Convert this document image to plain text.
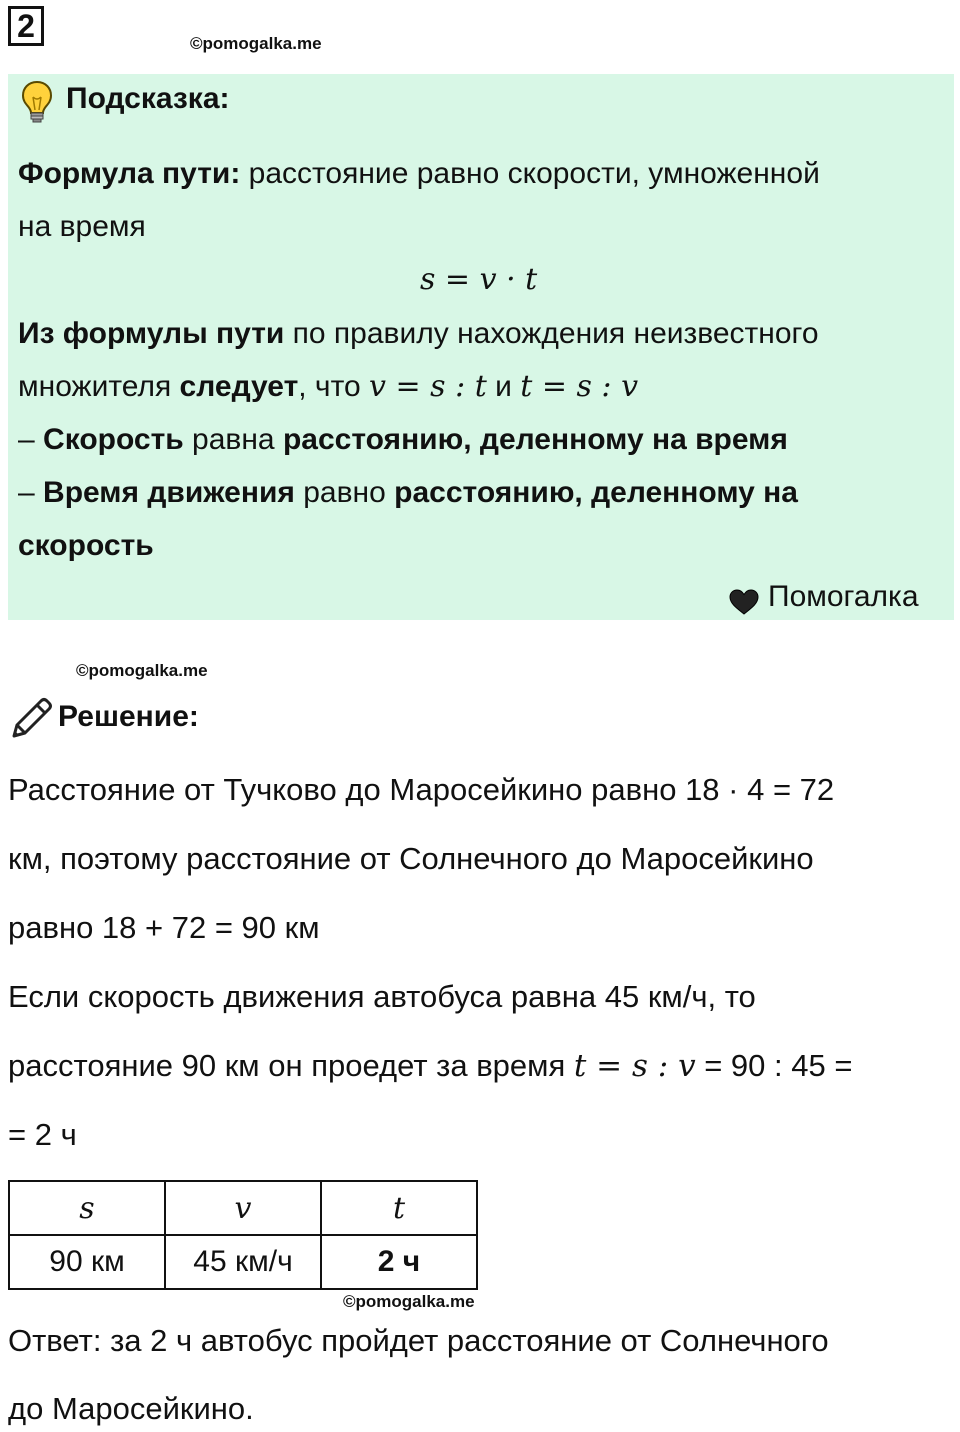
2	©pomogalka.me
Подсказка:
Формула пути: расстояние равно скорости, умноженной
на время
s = v · t
Из формулы пути по правилу нахождения неизвестного
множителя следует, что v = s : t и t = s : v
– Скорость равна расстоянию, деленному на время
– Время движения равно расстоянию, деленному на
скорость
Помогалка
©pomogalka.me
Решение:
Расстояние от Тучково до Маросейкино равно 18 · 4 = 72
км, поэтому расстояние от Солнечного до Маросейкино
равно 18 + 72 = 90 км
Если скорость движения автобуса равна 45 км/ч, то
расстояние 90 км он проедет за время t = s : v = 90 : 45 =
= 2 ч
s	v	t
90 км	45 км/ч	2 ч
©pomogalka.me
Ответ: за 2 ч автобус пройдет расстояние от Солнечного
до Маросейкино.
